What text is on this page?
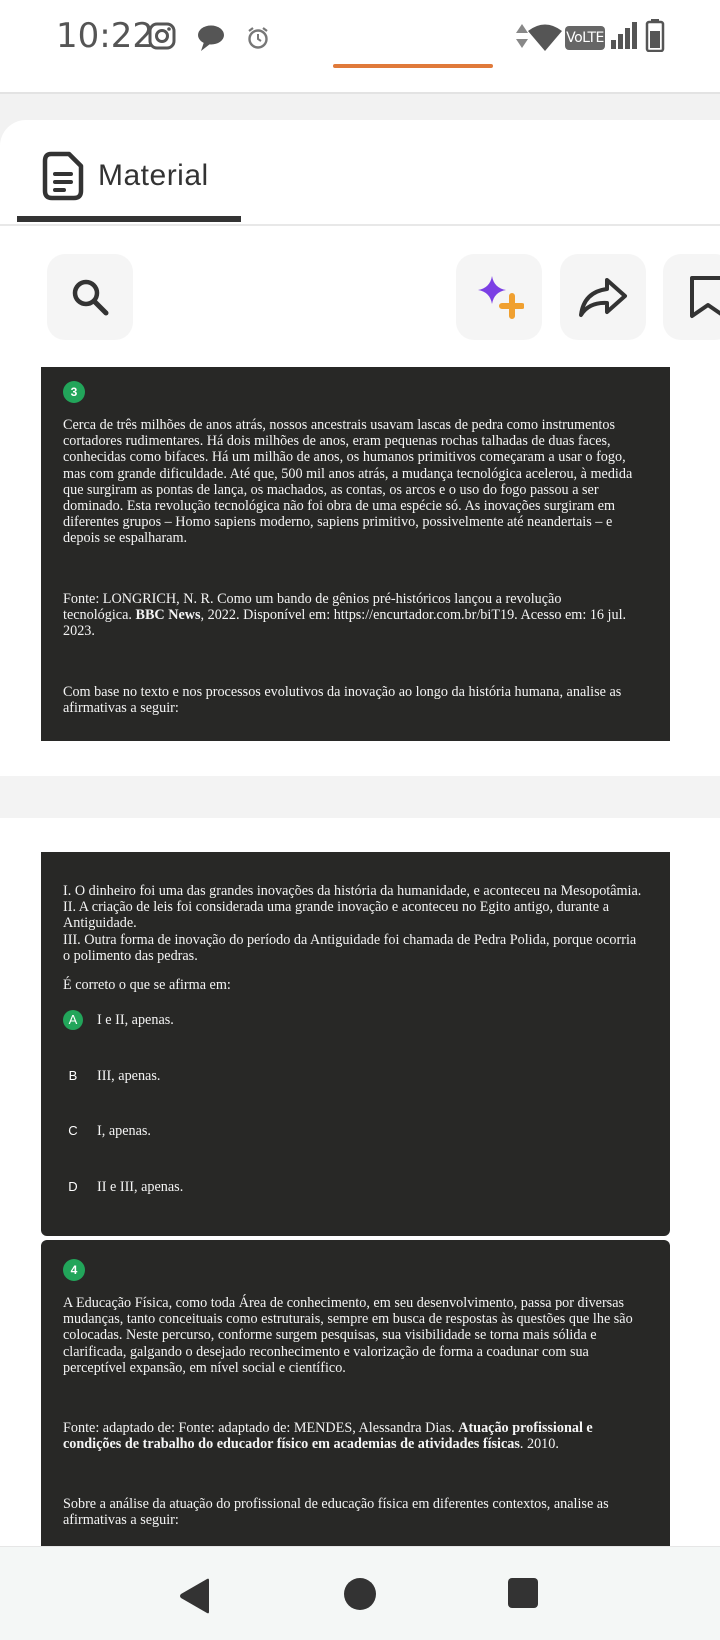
10:22	VoLTE
Material
3
Cerca de três milhões de anos atrás, nossos ancestrais usavam lascas de pedra como instrumentos
cortadores rudimentares. Há dois milhões de anos, eram pequenas rochas talhadas de duas faces,
conhecidas como bifaces. Há um milhão de anos, os humanos primitivos começaram a usar o fogo,
mas com grande dificuldade. Até que, 500 mil anos atrás, a mudança tecnológica acelerou, à medida
que surgiram as pontas de lança, os machados, as contas, os arcos e o uso do fogo passou a ser
dominado. Esta revolução tecnológica não foi obra de uma espécie só. As inovações surgiram em
diferentes grupos – Homo sapiens moderno, sapiens primitivo, possivelmente até neandertais – e
depois se espalharam.
Fonte: LONGRICH, N. R. Como um bando de gênios pré-históricos lançou a revolução
tecnológica. BBC News, 2022. Disponível em: https://encurtador.com.br/biT19. Acesso em: 16 jul.
2023.
Com base no texto e nos processos evolutivos da inovação ao longo da história humana, analise as
afirmativas a seguir:
I. O dinheiro foi uma das grandes inovações da história da humanidade, e aconteceu na Mesopotâmia.
II. A criação de leis foi considerada uma grande inovação e aconteceu no Egito antigo, durante a
Antiguidade.
III. Outra forma de inovação do período da Antiguidade foi chamada de Pedra Polida, porque ocorria
o polimento das pedras.
É correto o que se afirma em:
A	I e II, apenas.
B	III, apenas.
C	I, apenas.
D	II e III, apenas.
4
A Educação Física, como toda Área de conhecimento, em seu desenvolvimento, passa por diversas
mudanças, tanto conceituais como estruturais, sempre em busca de respostas às questões que lhe são
colocadas. Neste percurso, conforme surgem pesquisas, sua visibilidade se torna mais sólida e
clarificada, galgando o desejado reconhecimento e valorização de forma a coadunar com sua
perceptível expansão, em nível social e científico.
Fonte: adaptado de: Fonte: adaptado de: MENDES, Alessandra Dias. Atuação profissional e
condições de trabalho do educador físico em academias de atividades físicas. 2010.
Sobre a análise da atuação do profissional de educação física em diferentes contextos, analise as
afirmativas a seguir:
